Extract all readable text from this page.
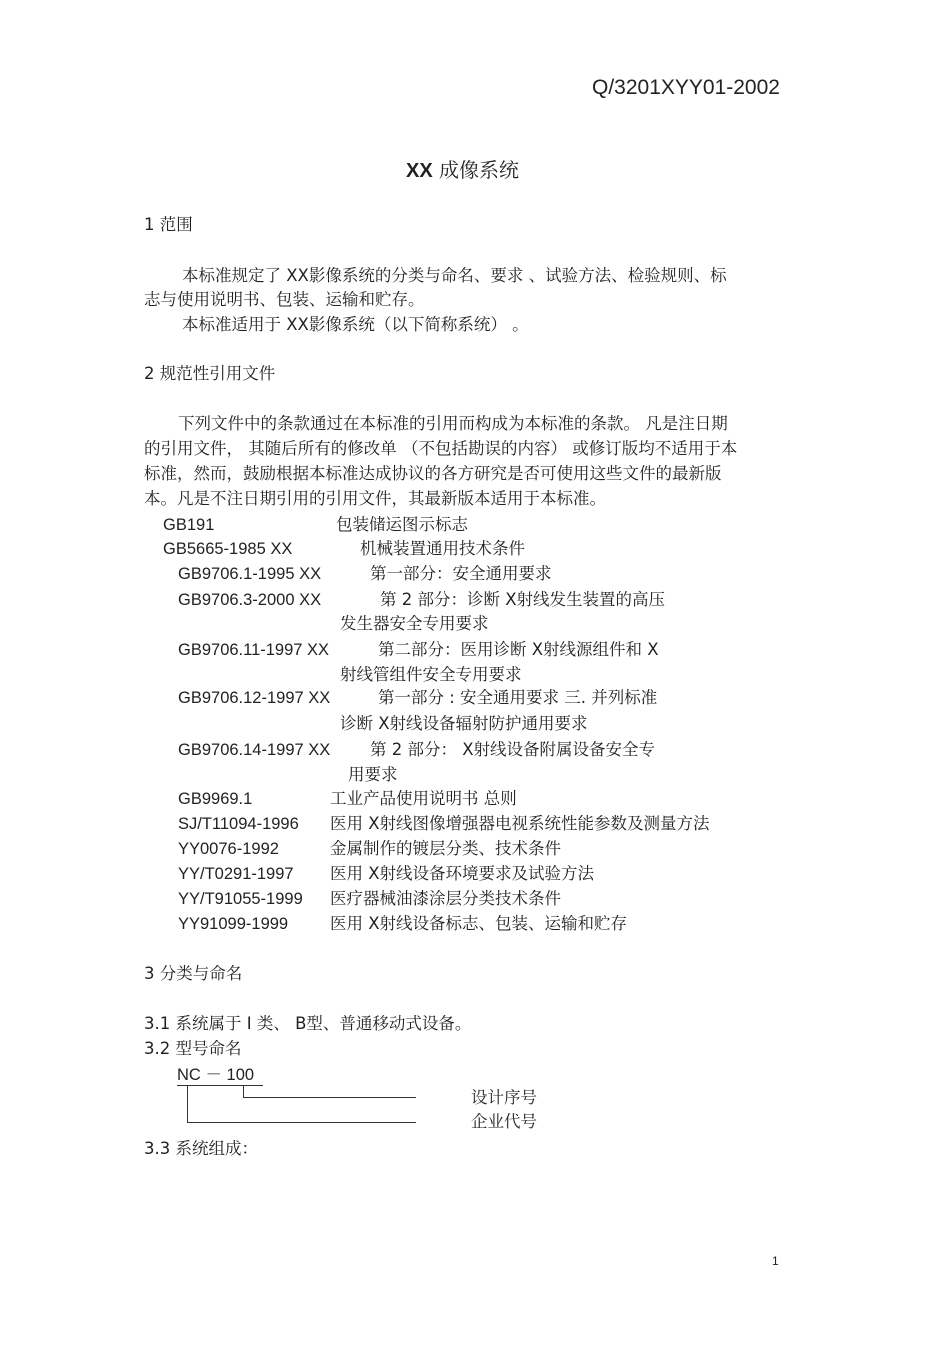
Q/3201XYY01-2002
XX 成像系统
1 范围
本标准规定了 XX影像系统的分类与命名、要求 、试验方法、检验规则、标
志与使用说明书、包装、运输和贮存。
本标准适用于 XX影像系统（以下简称系统） 。
2 规范性引用文件
下列文件中的条款通过在本标准的引用而构成为本标准的条款。 凡是注日期
的引用文件， 其随后所有的修改单 （不包括勘误的内容） 或修订版均不适用于本
标准，然而，鼓励根据本标准达成协议的各方研究是否可使用这些文件的最新版
本。凡是不注日期引用的引用文件，其最新版本适用于本标准。
GB191	包装储运图示标志
GB5665-1985 XX	机械装置通用技术条件
GB9706.1-1995 XX	第一部分：安全通用要求
GB9706.3-2000 XX	第 2 部分：诊断 X射线发生装置的高压
发生器安全专用要求
GB9706.11-1997 XX	第二部分：医用诊断 X射线源组件和 X
射线管组件安全专用要求
GB9706.12-1997 XX	第一部分 : 安全通用要求 三. 并列标准
诊断 X射线设备辐射防护通用要求
GB9706.14-1997 XX 第 2 部分： X射线设备附属设备安全专
用要求
GB9969.1	工业产品使用说明书 总则
SJ/T11094-1996 医用 X射线图像增强器电视系统性能参数及测量方法
YY0076-1992	金属制作的镀层分类、技术条件
YY/T0291-1997 医用 X射线设备环境要求及试验方法
YY/T91055-1999 医疗器械油漆涂层分类技术条件
YY91099-1999	医用 X射线设备标志、包装、运输和贮存
3 分类与命名
3.1 系统属于 I 类、 B型、普通移动式设备。
3.2 型号命名
NC － 100
设计序号
企业代号
3.3 系统组成：
1
